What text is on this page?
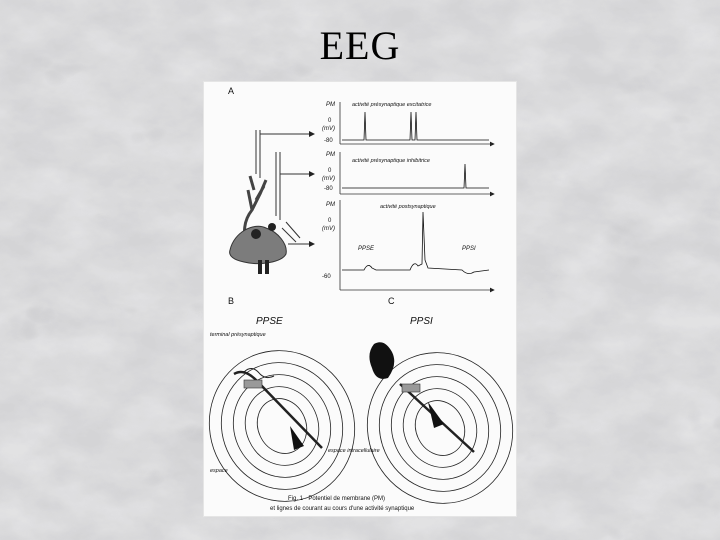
EEG
A
PM
0
(mV)
-80
activité présynaptique excitatrice
PM
0
(mV)
-80
activité présynaptique inhibitrice
PM
0
(mV)
-60
activité postsynaptique
PPSE	PPSI
B
PPSE
terminal présynaptique
espace
espace intracellulaire
C
PPSI
Fig. 1 - Potentiel de membrane (PM)
et lignes de courant au cours d'une activité synaptique
